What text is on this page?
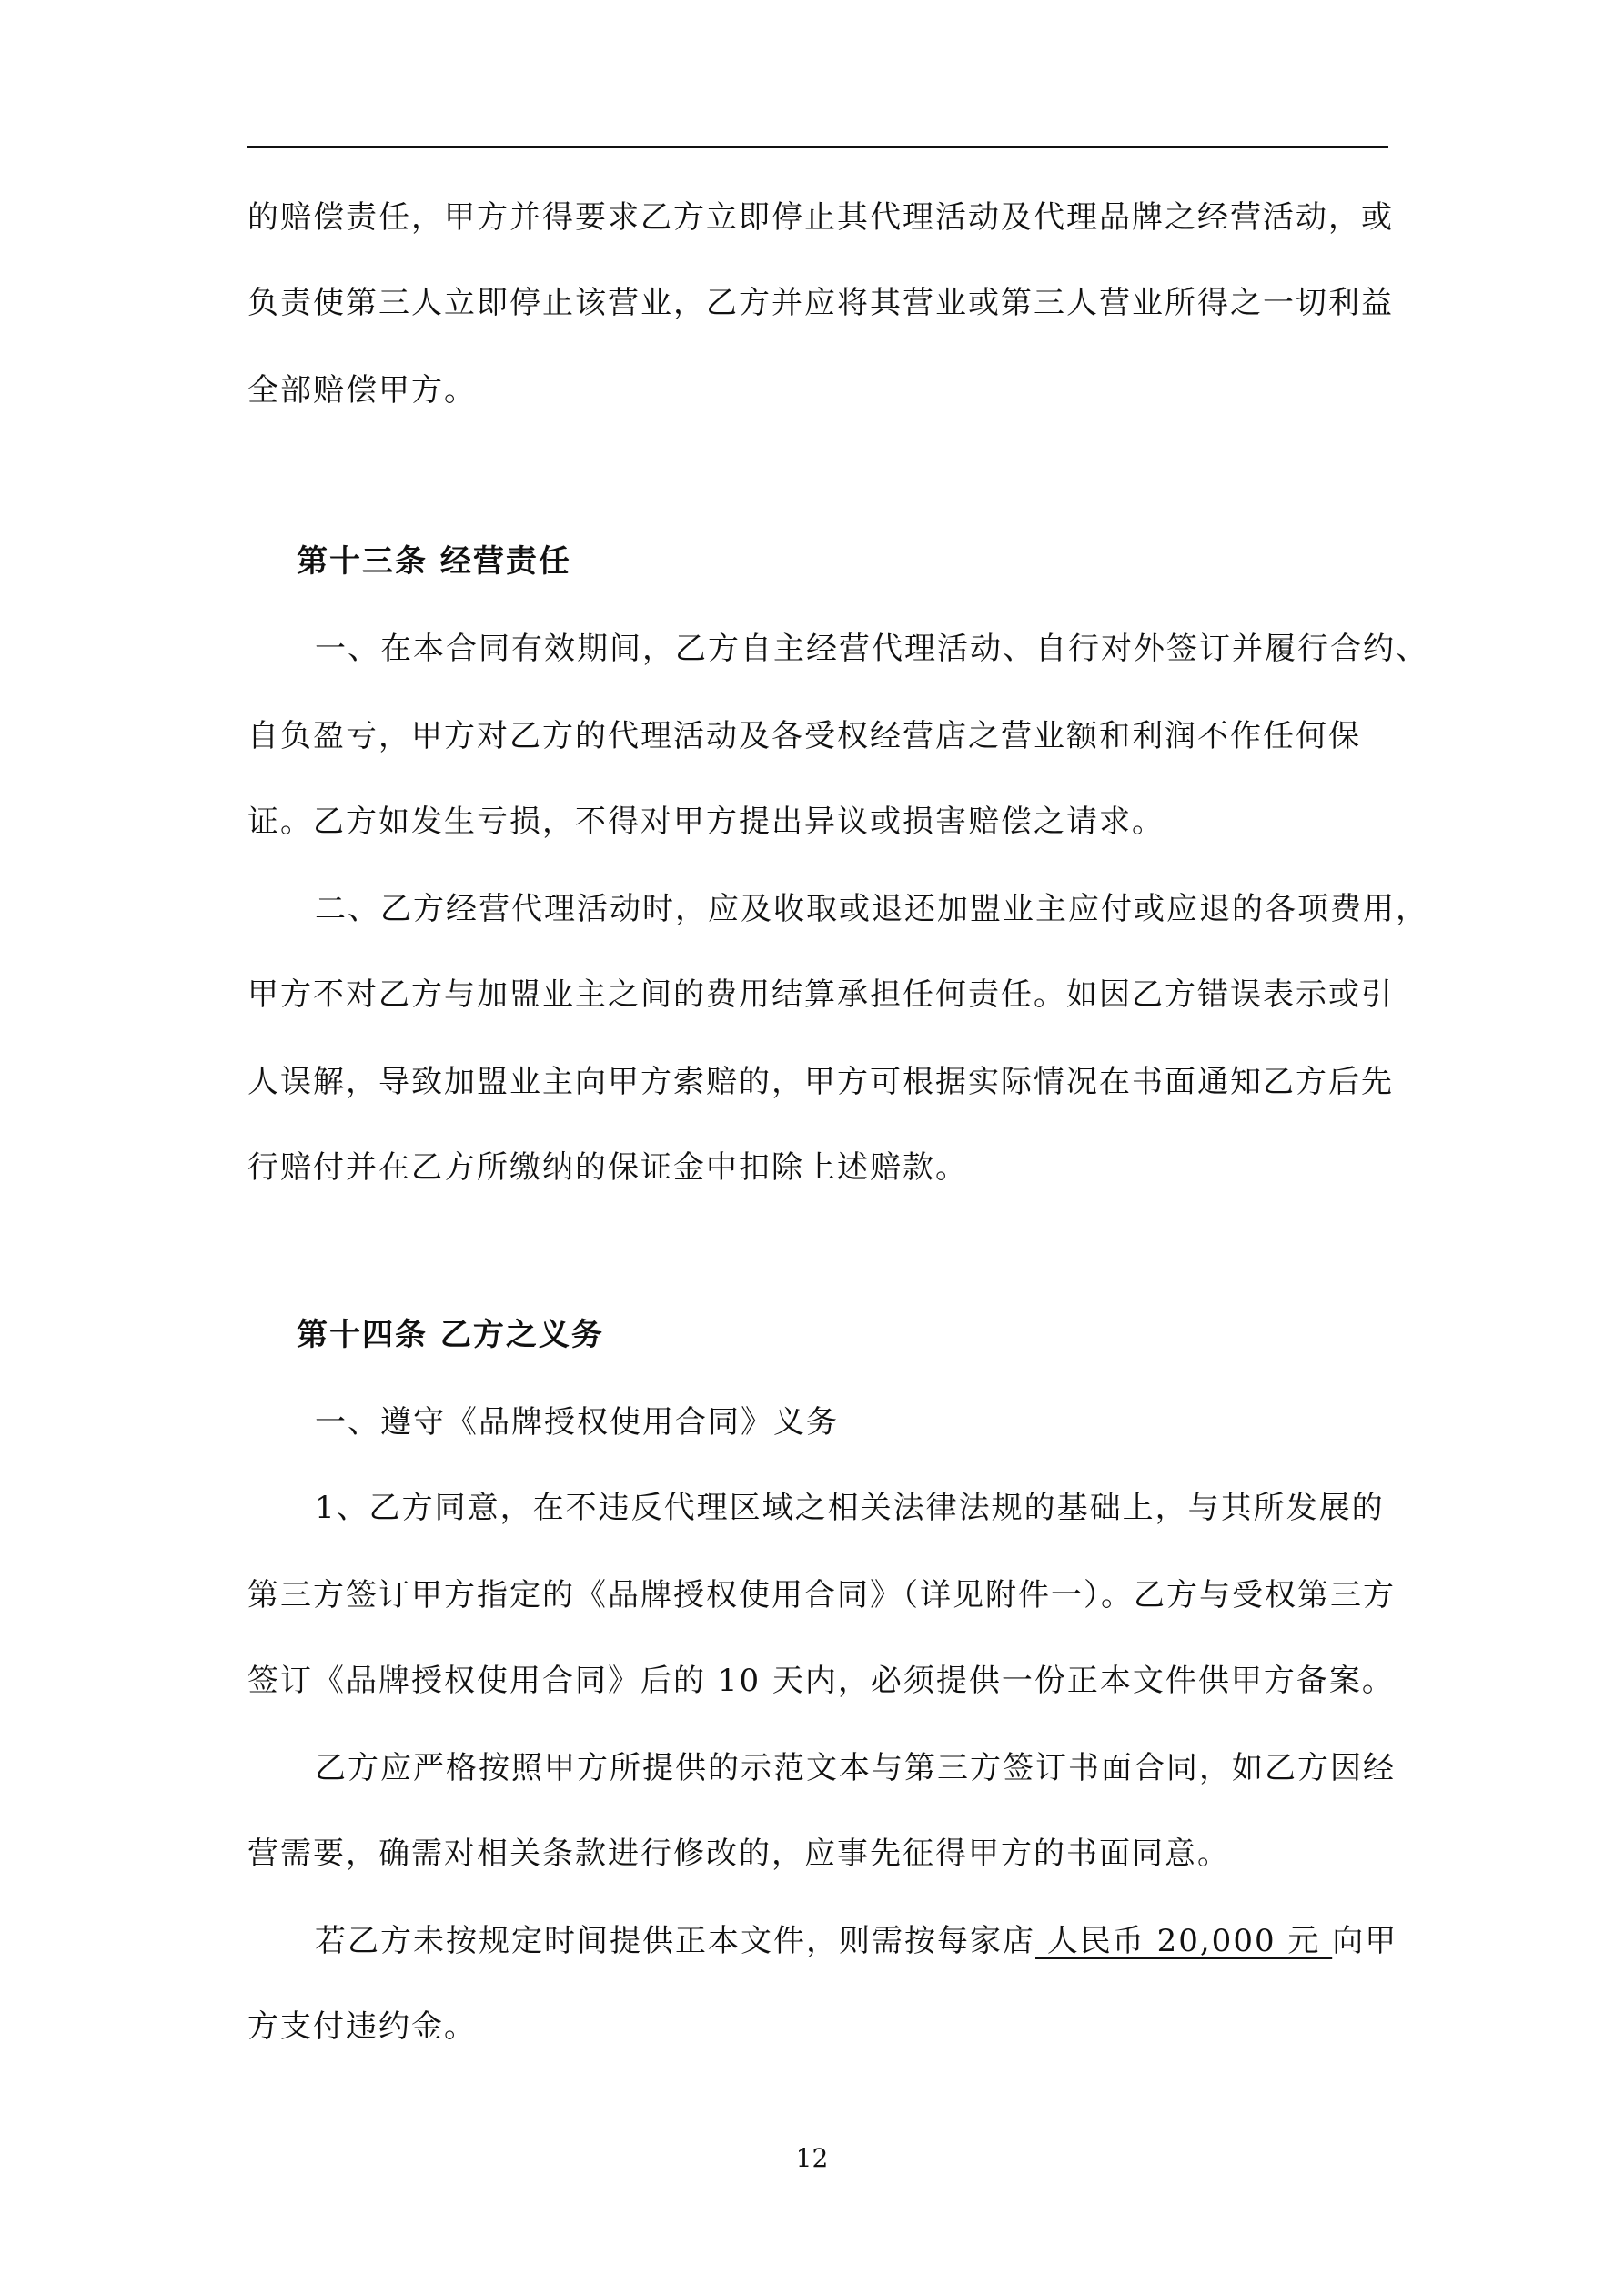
的赔偿责任，甲方并得要求乙方立即停止其代理活动及代理品牌之经营活动，或
负责使第三人立即停止该营业，乙方并应将其营业或第三人营业所得之一切利益
全部赔偿甲方。
第十三条 经营责任
一、在本合同有效期间，乙方自主经营代理活动、自行对外签订并履行合约、
自负盈亏，甲方对乙方的代理活动及各受权经营店之营业额和利润不作任何保
证。乙方如发生亏损，不得对甲方提出异议或损害赔偿之请求。
二、乙方经营代理活动时，应及收取或退还加盟业主应付或应退的各项费用，
甲方不对乙方与加盟业主之间的费用结算承担任何责任。如因乙方错误表示或引
人误解，导致加盟业主向甲方索赔的，甲方可根据实际情况在书面通知乙方后先
行赔付并在乙方所缴纳的保证金中扣除上述赔款。
第十四条 乙方之义务
一、遵守《品牌授权使用合同》义务
1、乙方同意，在不违反代理区域之相关法律法规的基础上，与其所发展的
第三方签订甲方指定的《品牌授权使用合同》（详见附件一）。乙方与受权第三方
签订《品牌授权使用合同》后的 10 天内，必须提供一份正本文件供甲方备案。
乙方应严格按照甲方所提供的示范文本与第三方签订书面合同，如乙方因经
营需要，确需对相关条款进行修改的，应事先征得甲方的书面同意。
若乙方未按规定时间提供正本文件，则需按每家店 人民币 20,000 元 向甲
方支付违约金。
12
